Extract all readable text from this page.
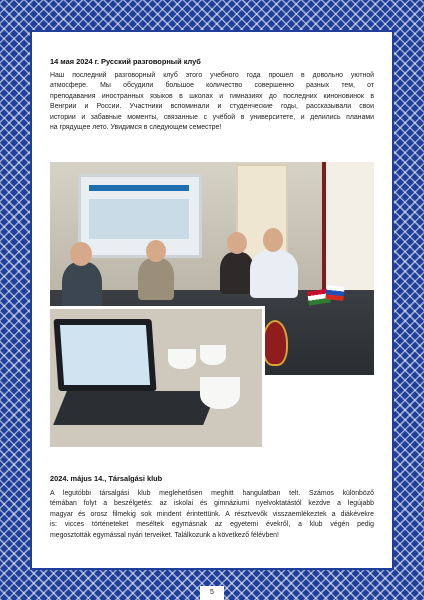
14 мая 2024 г. Русский разговорный клуб
Наш последний разговорный клуб этого учебного года прошел в довольно уютной
атмосфере. Мы обсудили большое количество совершенно разных тем, от
преподавания иностранных языков в школах и гимназиях до последних киноновинок в
Венгрии и России. Участники вспоминали и студенческие годы, рассказывали свои
истории и забавные моменты, связанные с учёбой в университете, и делились планами
на грядущее лето. Увидимся в следующем семестре!
2024. május 14., Társalgási klub
A legutóbbi társalgási klub meglehetősen meghitt hangulatban telt. Számos különböző
témában folyt a beszélgetés: az iskolai és gimnáziumi nyelvoktatástól kezdve a legújabb
magyar és orosz filmekig sok mindent érintettünk. A résztvevők visszaemlékeztek a diákévekre
is: vicces történeteket meséltek egymásnak az egyetemi évekről, a klub végén pedig
megosztották egymással nyári terveiket. Találkozunk a következő félévben!
5
